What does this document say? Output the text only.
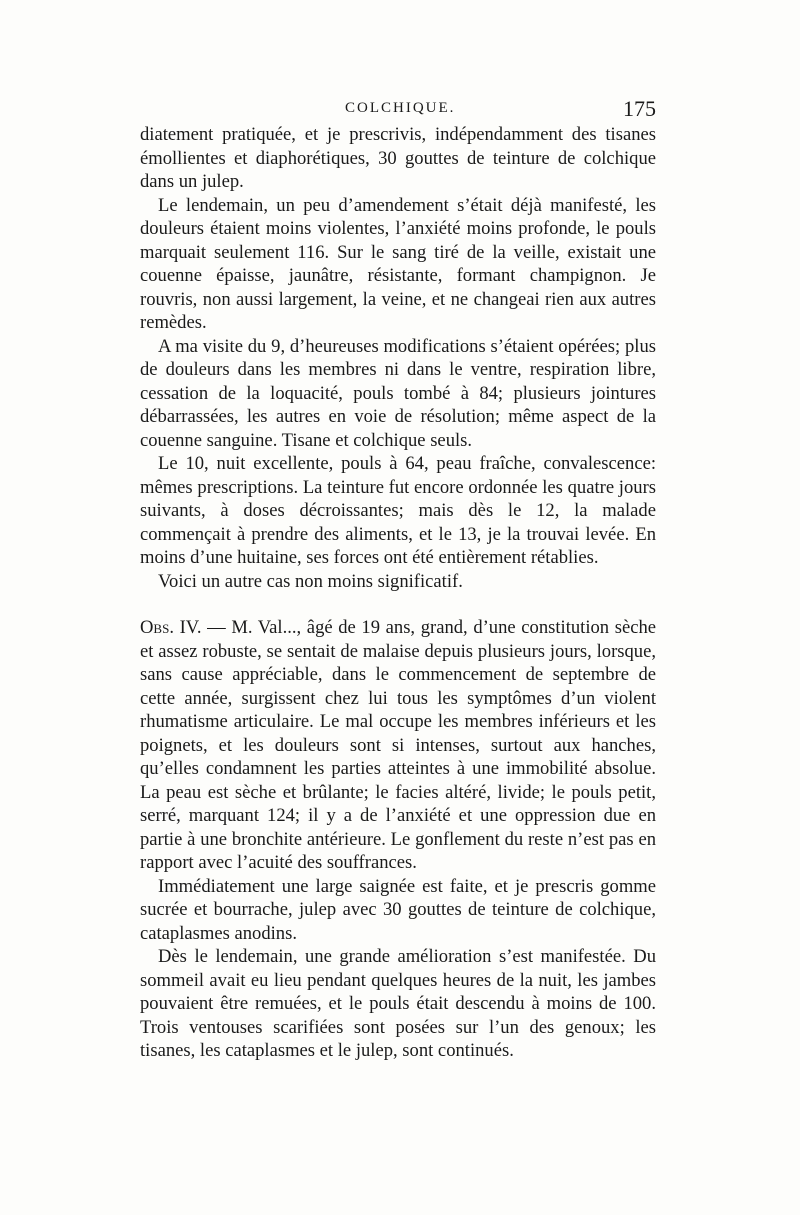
COLCHIQUE.	175

diatement pratiquée, et je prescrivis, indépendamment des tisanes émollientes et diaphorétiques, 30 gouttes de teinture de colchique dans un julep.

Le lendemain, un peu d’amendement s’était déjà manifesté, les douleurs étaient moins violentes, l’anxiété moins profonde, le pouls marquait seulement 116. Sur le sang tiré de la veille, existait une couenne épaisse, jaunâtre, résistante, formant champignon. Je rouvris, non aussi largement, la veine, et ne changeai rien aux autres remèdes.

A ma visite du 9, d’heureuses modifications s’étaient opérées; plus de douleurs dans les membres ni dans le ventre, respiration libre, cessation de la loquacité, pouls tombé à 84; plusieurs jointures débarrassées, les autres en voie de résolution; même aspect de la couenne sanguine. Tisane et colchique seuls.

Le 10, nuit excellente, pouls à 64, peau fraîche, convalescence: mêmes prescriptions. La teinture fut encore ordonnée les quatre jours suivants, à doses décroissantes; mais dès le 12, la malade commençait à prendre des aliments, et le 13, je la trouvai levée. En moins d’une huitaine, ses forces ont été entièrement rétablies.

Voici un autre cas non moins significatif.

Obs. IV. — M. Val..., âgé de 19 ans, grand, d’une constitution sèche et assez robuste, se sentait de malaise depuis plusieurs jours, lorsque, sans cause appréciable, dans le commencement de septembre de cette année, surgissent chez lui tous les symptômes d’un violent rhumatisme articulaire. Le mal occupe les membres inférieurs et les poignets, et les douleurs sont si intenses, surtout aux hanches, qu’elles condamnent les parties atteintes à une immobilité absolue. La peau est sèche et brûlante; le facies altéré, livide; le pouls petit, serré, marquant 124; il y a de l’anxiété et une oppression due en partie à une bronchite antérieure. Le gonflement du reste n’est pas en rapport avec l’acuité des souffrances.

Immédiatement une large saignée est faite, et je prescris gomme sucrée et bourrache, julep avec 30 gouttes de teinture de colchique, cataplasmes anodins.

Dès le lendemain, une grande amélioration s’est manifestée. Du sommeil avait eu lieu pendant quelques heures de la nuit, les jambes pouvaient être remuées, et le pouls était descendu à moins de 100. Trois ventouses scarifiées sont posées sur l’un des genoux; les tisanes, les cataplasmes et le julep, sont continués.
